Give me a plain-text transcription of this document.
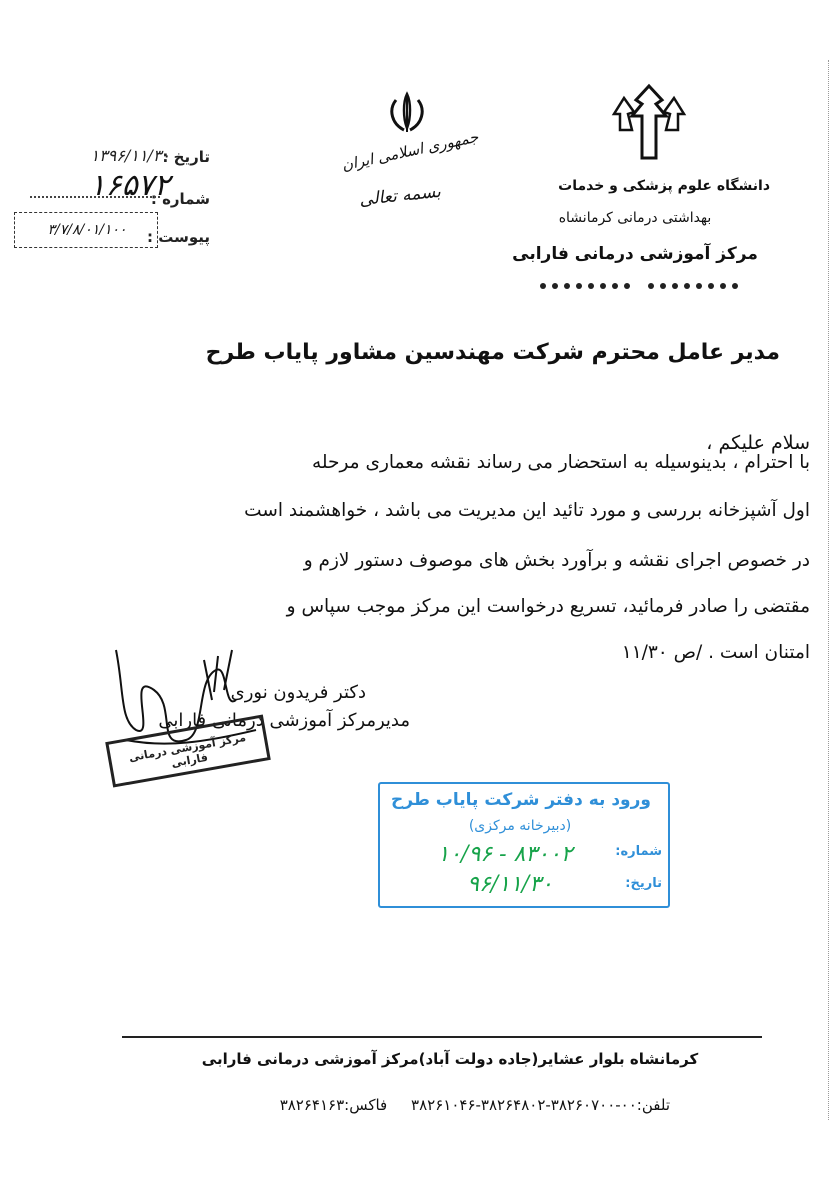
تاریخ :
۱۳۹۶/۱۱/۳۰
شماره :
۱۶۵۷۲
پیوست :
۳/۷/۸/۰۱/۱۰۰
جمهوری اسلامی ایران
بسمه تعالی	دانشگاه علوم پزشکی و خدمات
بهداشتی درمانی کرمانشاه
مرکز آموزشی درمانی فارابی
مدیر عامل محترم شرکت مهندسین مشاور پایاب طرح
سلام علیکم ،
با احترام ، بدینوسیله به استحضار می رساند نقشه معماری مرحله
اول آشپزخانه بررسی و مورد تائید این مدیریت می باشد ، خواهشمند است
در خصوص اجرای نقشه و برآورد بخش های موصوف دستور لازم و
مقتضی را صادر فرمائید، تسریع درخواست این مرکز موجب سپاس و
امتنان است . /ص ۱۱/۳۰
دکتر فریدون نوری
مدیرمرکز آموزشی درمانی فارابی
مرکز آموزشی درمانی فارابی
ورود به دفتر شرکت پایاب طرح
(دبیرخانه مرکزی)
شماره:
۱۰/۹۶ - ۸۳۰۰۲
تاریخ:
۹۶/۱۱/۳۰
کرمانشاه بلوار عشایر(جاده دولت آباد)مرکز آموزشی درمانی فارابی
تلفن:۰۰-۳۸۲۶۰۷۰۰-۳۸۲۶۴۸۰۲-۳۸۲۶۱۰۴۶     فاکس:۳۸۲۶۴۱۶۳
